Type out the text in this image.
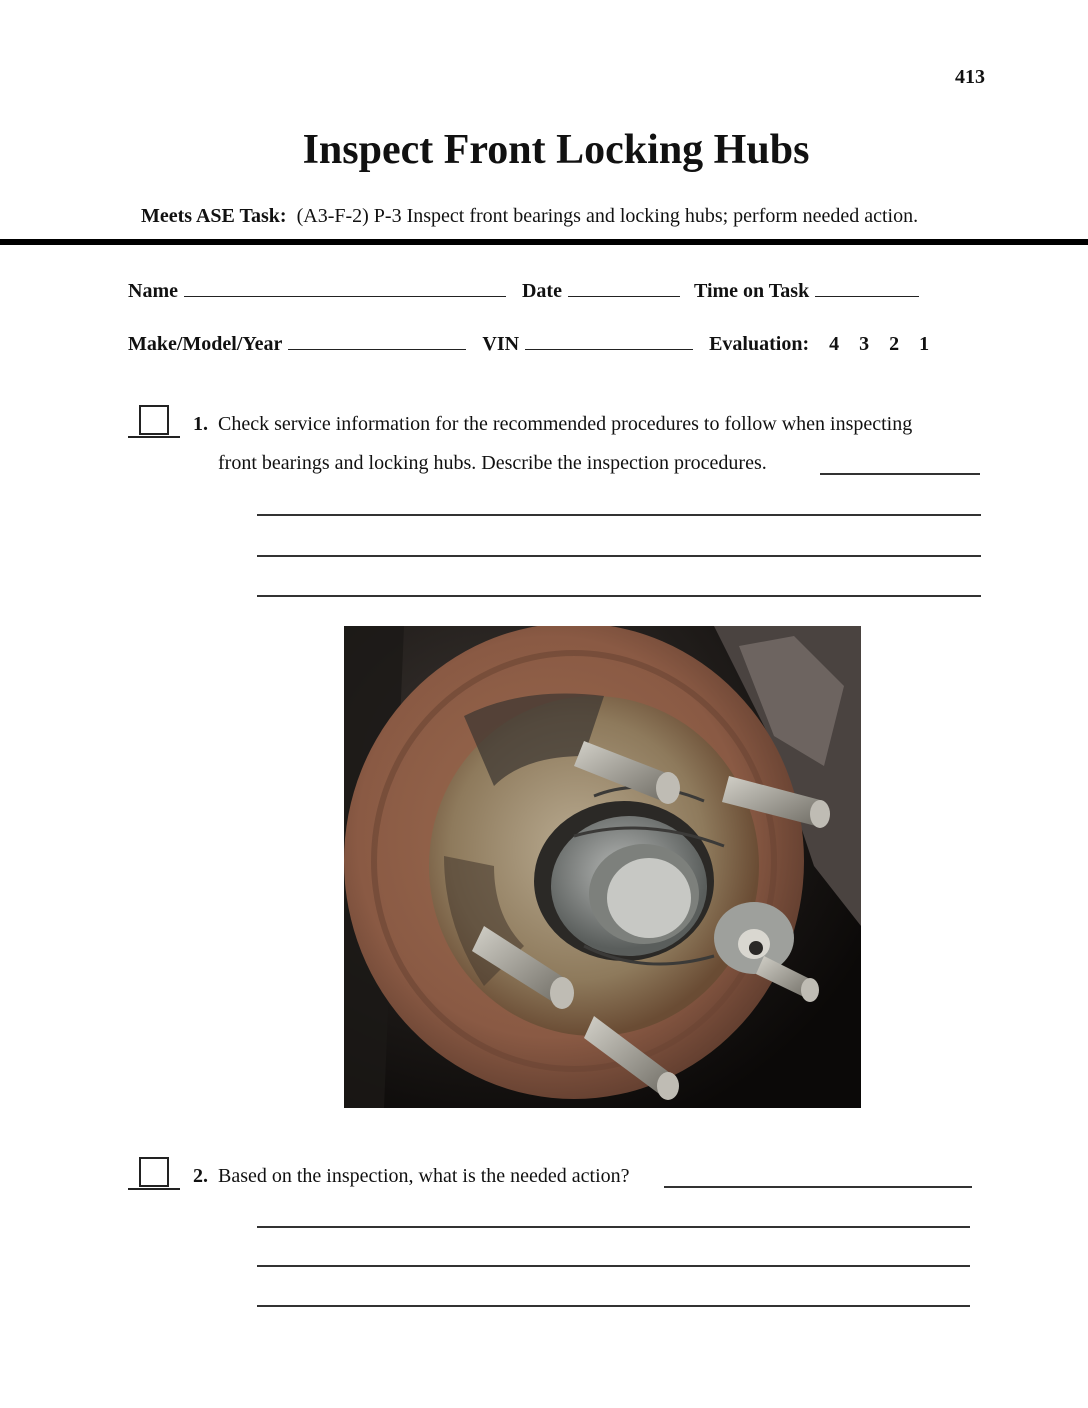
413
Inspect Front Locking Hubs
Meets ASE Task: (A3-F-2) P-3 Inspect front bearings and locking hubs; perform needed action.
Name	Date	Time on Task
Make/Model/Year	VIN	Evaluation: 4 3 2 1
1. Check service information for the recommended procedures to follow when inspecting
front bearings and locking hubs. Describe the inspection procedures.
2. Based on the inspection, what is the needed action?
